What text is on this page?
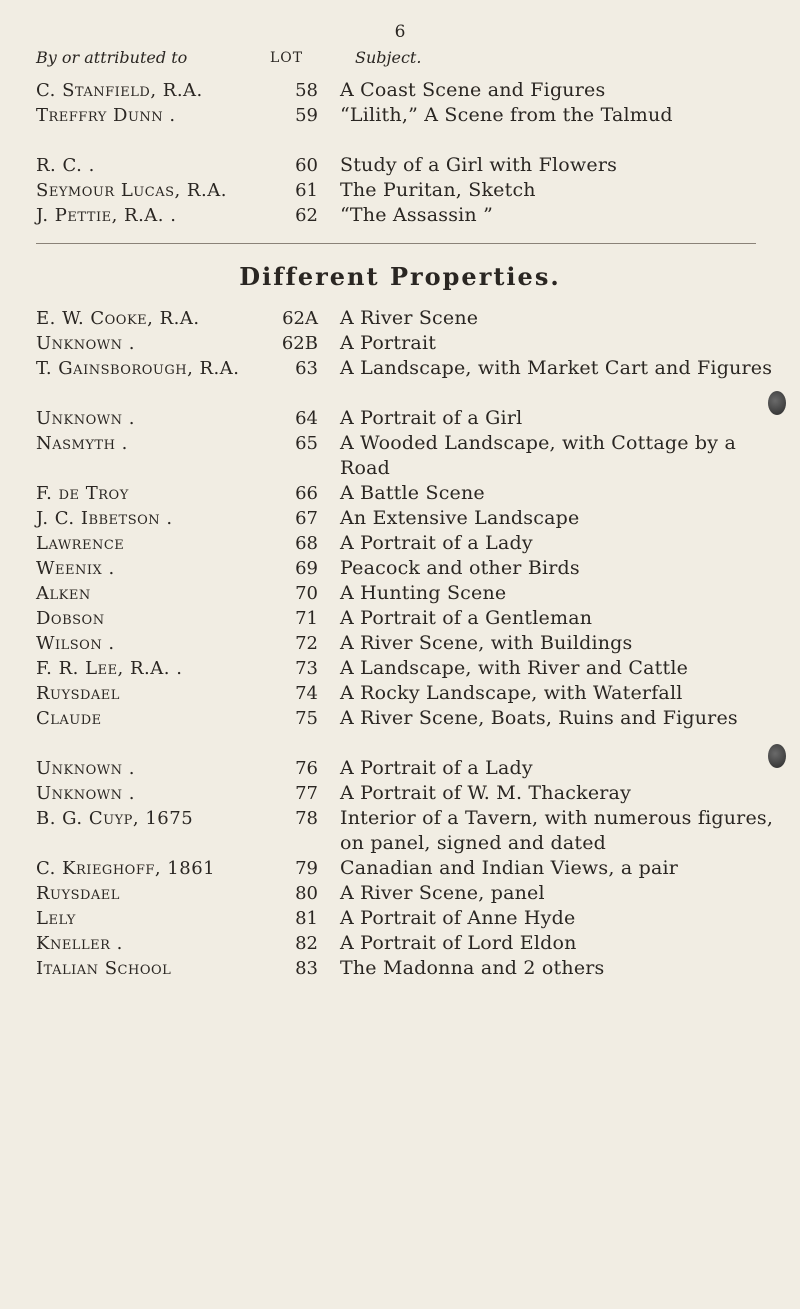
6
By or attributed to	LOT	Subject.
C. Stanfield, R.A.	58 A Coast Scene and Figures
Treffry Dunn .	59 “Lilith,” A Scene from the Talmud
R. C. .	60 Study of a Girl with Flowers
Seymour Lucas, R.A.	61 The Puritan, Sketch
J. Pettie, R.A. .	62 “The Assassin ”
Different Properties.
E. W. Cooke, R.A.	62A A River Scene
Unknown .	62B A Portrait
T. Gainsborough, R.A.	63 A Landscape, with Market Cart and Figures
Unknown .	64 A Portrait of a Girl
Nasmyth .	65 A Wooded Landscape, with Cottage by a Road
F. de Troy	66 A Battle Scene
J. C. Ibbetson .	67 An Extensive Landscape
Lawrence	68 A Portrait of a Lady
Weenix .	69 Peacock and other Birds
Alken	70 A Hunting Scene
Dobson	71 A Portrait of a Gentleman
Wilson .	72 A River Scene, with Buildings
F. R. Lee, R.A. .	73 A Landscape, with River and Cattle
Ruysdael	74 A Rocky Landscape, with Waterfall
Claude	75 A River Scene, Boats, Ruins and Figures
Unknown .	76 A Portrait of a Lady
Unknown .	77 A Portrait of W. M. Thackeray
B. G. Cuyp, 1675	78 Interior of a Tavern, with numerous figures, on panel, signed and dated
C. Krieghoff, 1861	79 Canadian and Indian Views, a pair
Ruysdael	80 A River Scene, panel
Lely	81 A Portrait of Anne Hyde
Kneller .	82 A Portrait of Lord Eldon
Italian School	83 The Madonna and 2 others
